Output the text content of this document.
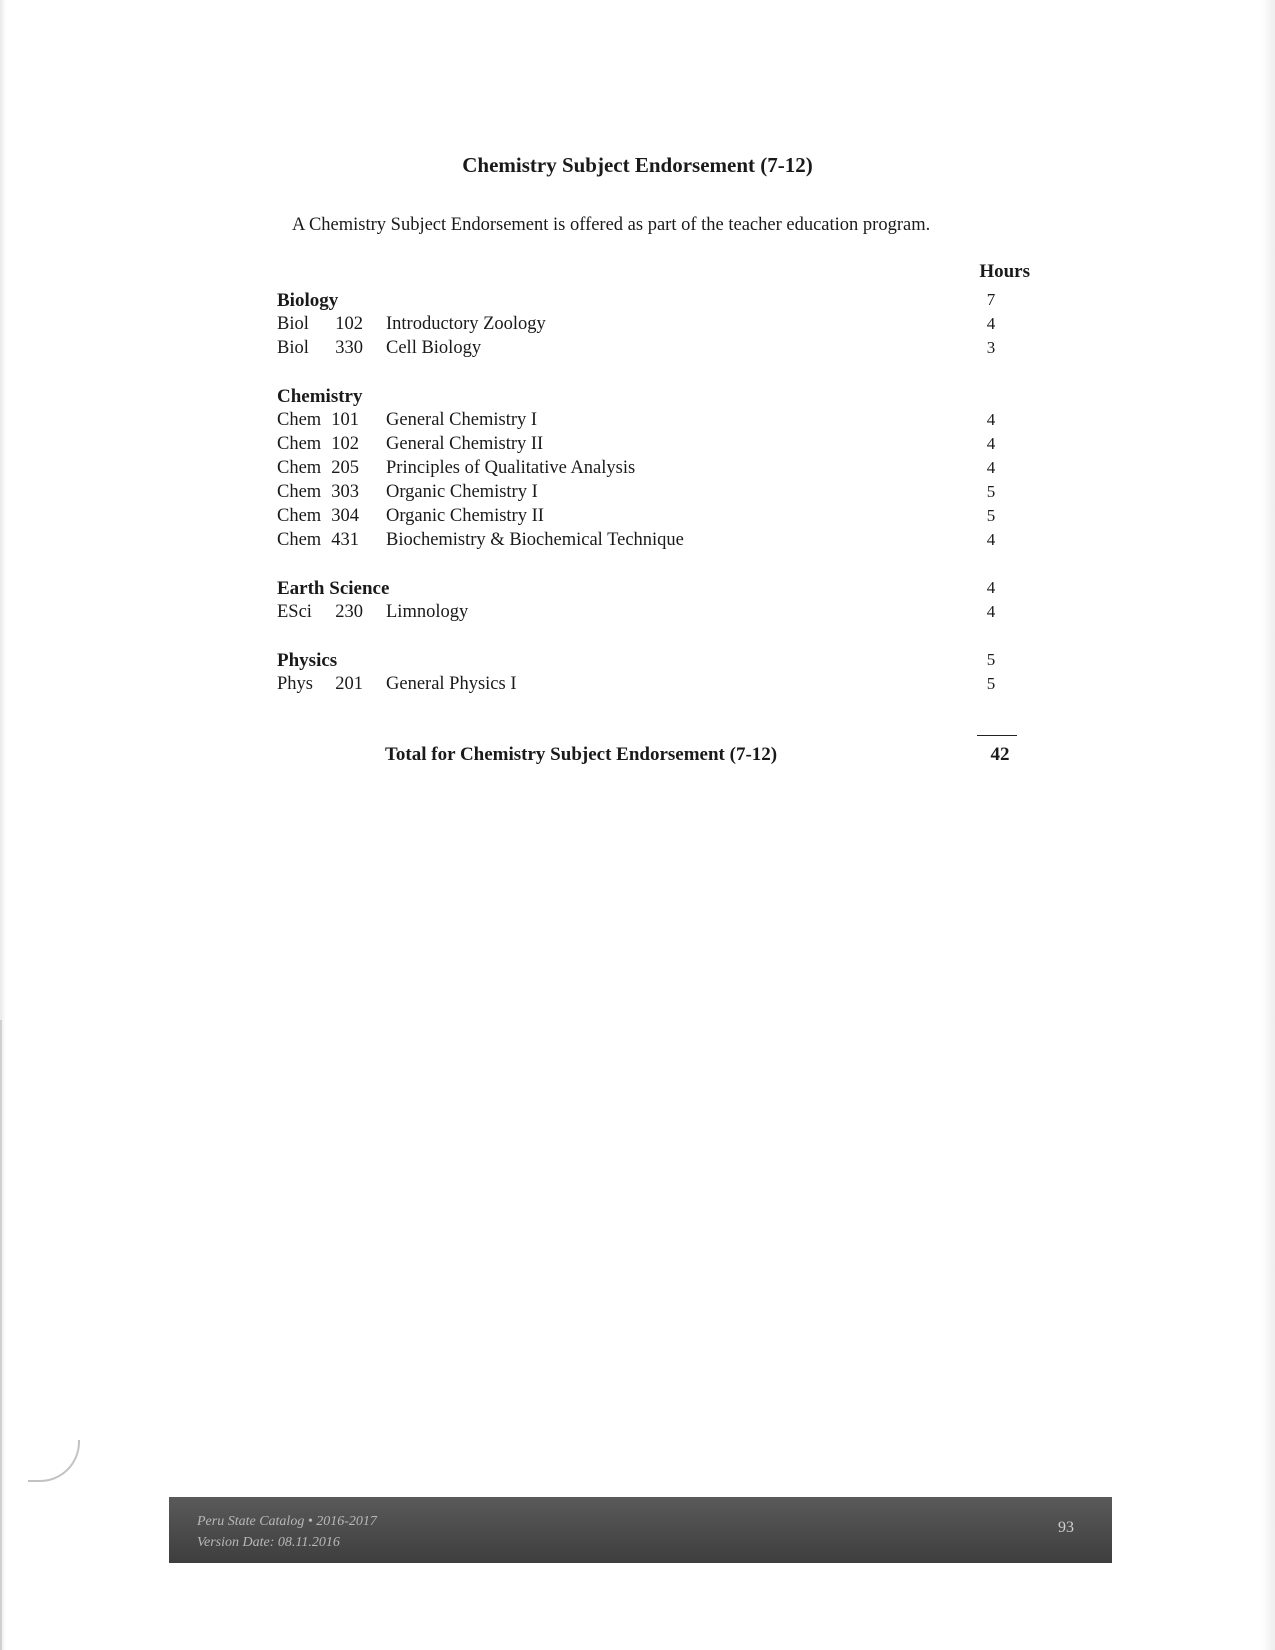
Chemistry Subject Endorsement (7-12)
A Chemistry Subject Endorsement is offered as part of the teacher education program.
Hours
Biology	7
Biol	102 Introductory Zoology	4
Biol	330 Cell Biology	3
Chemistry
Chem 101 General Chemistry I	4
Chem 102 General Chemistry II	4
Chem 205 Principles of Qualitative Analysis	4
Chem 303 Organic Chemistry I	5
Chem 304 Organic Chemistry II	5
Chem 431 Biochemistry & Biochemical Technique	4
Earth Science	4
ESci	230 Limnology	4
Physics	5
Phys	201 General Physics I	5
Total for Chemistry Subject Endorsement (7-12)	42
Peru State Catalog • 2016-2017
Version Date: 08.11.2016
93
